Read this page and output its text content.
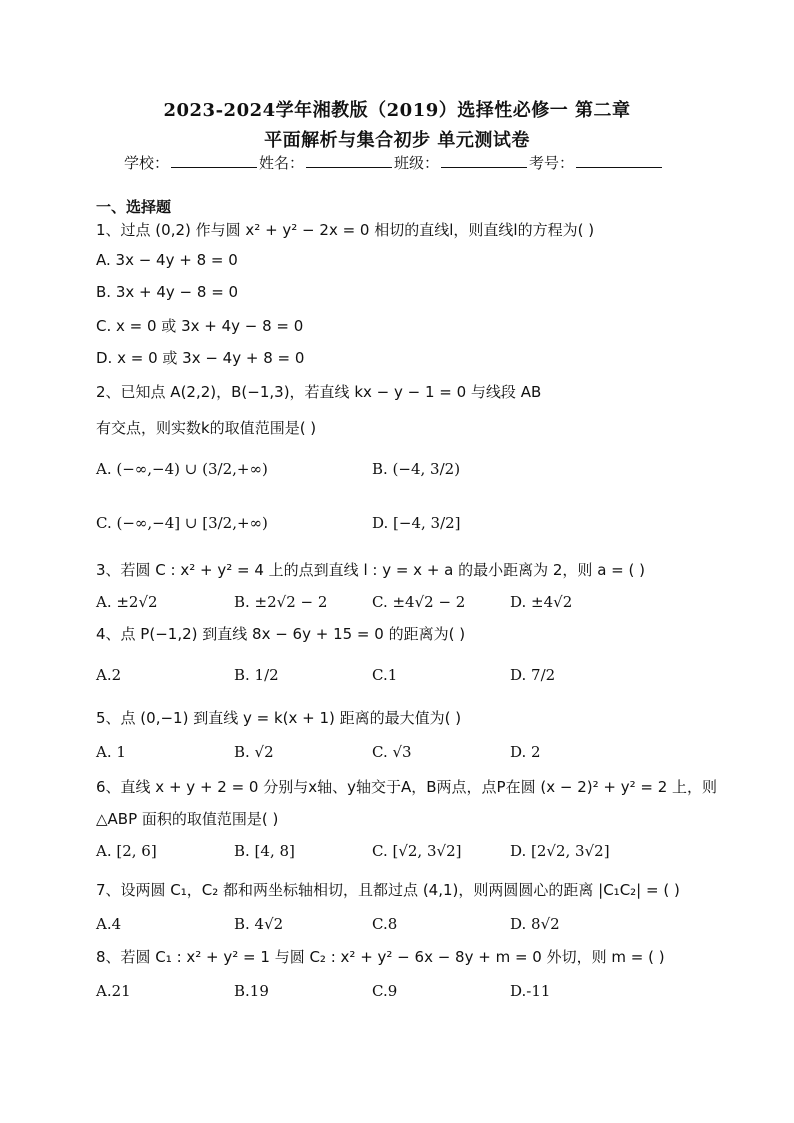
2023-2024学年湘教版（2019）选择性必修一 第二章
平面解析与集合初步 单元测试卷
学校：	姓名：	班级：	考号：
一、选择题
1、过点 (0,2) 作与圆 x² + y² − 2x = 0 相切的直线l，则直线l的方程为( )
A. 3x − 4y + 8 = 0
B. 3x + 4y − 8 = 0
C. x = 0 或 3x + 4y − 8 = 0
D. x = 0 或 3x − 4y + 8 = 0
2、已知点 A(2,2)，B(−1,3)，若直线 kx − y − 1 = 0 与线段 AB
有交点，则实数k的取值范围是( )
A. (−∞,−4) ∪ (3/2,+∞)	B. (−4, 3/2)
C. (−∞,−4] ∪ [3/2,+∞)	D. [−4, 3/2]
3、若圆 C : x² + y² = 4 上的点到直线 l : y = x + a 的最小距离为 2，则 a = ( )
A. ±2√2	B. ±2√2 − 2	C. ±4√2 − 2	D. ±4√2
4、点 P(−1,2) 到直线 8x − 6y + 15 = 0 的距离为( )
A.2	B. 1/2	C.1	D. 7/2
5、点 (0,−1) 到直线 y = k(x + 1) 距离的最大值为( )
A. 1	B. √2	C. √3	D. 2
6、直线 x + y + 2 = 0 分别与x轴、y轴交于A，B两点，点P在圆 (x − 2)² + y² = 2 上，则
△ABP 面积的取值范围是( )
A. [2, 6]	B. [4, 8]	C. [√2, 3√2]	D. [2√2, 3√2]
7、设两圆 C₁，C₂ 都和两坐标轴相切，且都过点 (4,1)，则两圆圆心的距离 |C₁C₂| = ( )
A.4	B. 4√2	C.8	D. 8√2
8、若圆 C₁ : x² + y² = 1 与圆 C₂ : x² + y² − 6x − 8y + m = 0 外切，则 m = ( )
A.21	B.19	C.9	D.-11
